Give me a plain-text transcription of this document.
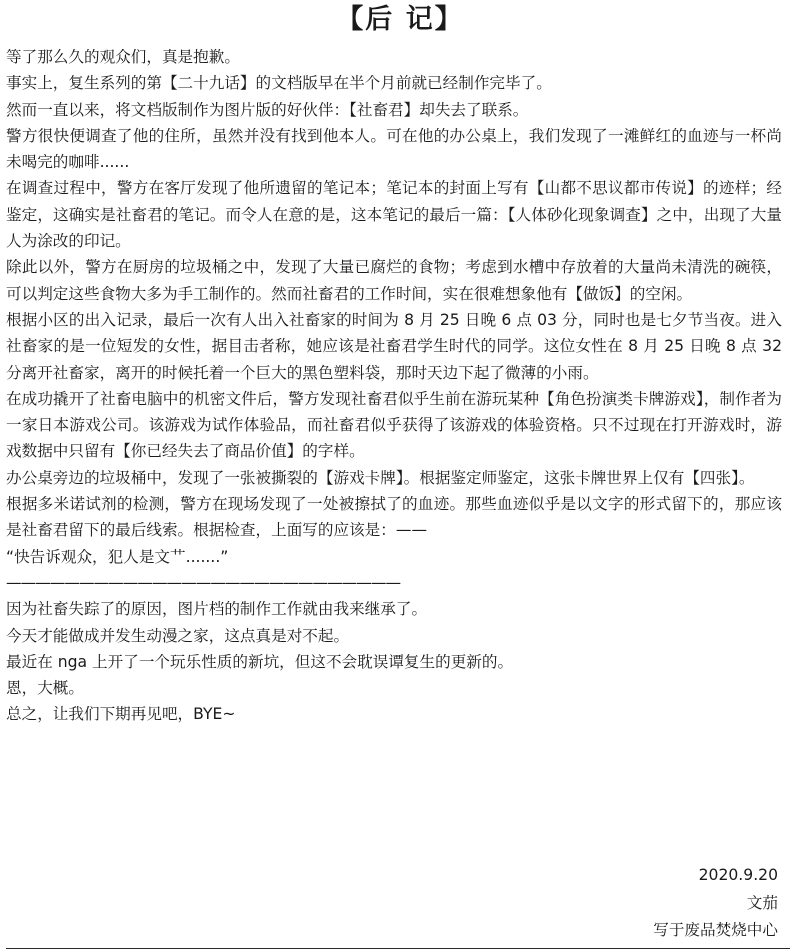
【后 记】

等了那么久的观众们，真是抱歉。

事实上，复生系列的第【二十九话】的文档版早在半个月前就已经制作完毕了。

然而一直以来，将文档版制作为图片版的好伙伴：【社畜君】却失去了联系。

警方很快便调查了他的住所，虽然并没有找到他本人。可在他的办公桌上，我们发现了一滩鲜红的血迹与一杯尚未喝完的咖啡......

在调查过程中，警方在客厅发现了他所遗留的笔记本；笔记本的封面上写有【山都不思议都市传说】的迹样；经鉴定，这确实是社畜君的笔记。而令人在意的是，这本笔记的最后一篇：【人体砂化现象调查】之中，出现了大量人为涂改的印记。

除此以外，警方在厨房的垃圾桶之中，发现了大量已腐烂的食物；考虑到水槽中存放着的大量尚未清洗的碗筷，可以判定这些食物大多为手工制作的。然而社畜君的工作时间，实在很难想象他有【做饭】的空闲。

根据小区的出入记录，最后一次有人出入社畜家的时间为 8 月 25 日晚 6 点 03 分，同时也是七夕节当夜。进入社畜家的是一位短发的女性，据目击者称，她应该是社畜君学生时代的同学。这位女性在 8 月 25 日晚 8 点 32 分离开社畜家，离开的时候托着一个巨大的黑色塑料袋，那时天边下起了微薄的小雨。

在成功撬开了社畜电脑中的机密文件后，警方发现社畜君似乎生前在游玩某种【角色扮演类卡牌游戏】，制作者为一家日本游戏公司。该游戏为试作体验品，而社畜君似乎获得了该游戏的体验资格。只不过现在打开游戏时，游戏数据中只留有【你已经失去了商品价值】的字样。

办公桌旁边的垃圾桶中，发现了一张被撕裂的【游戏卡牌】。根据鉴定师鉴定，这张卡牌世界上仅有【四张】。

根据多米诺试剂的检测，警方在现场发现了一处被擦拭了的血迹。那些血迹似乎是以文字的形式留下的，那应该是社畜君留下的最后线索。根据检查，上面写的应该是：——

“快告诉观众，犯人是文艹.......”

———————————————————————————

因为社畜失踪了的原因，图片档的制作工作就由我来继承了。

今天才能做成并发生动漫之家，这点真是对不起。

最近在 nga 上开了一个玩乐性质的新坑，但这不会耽误谭复生的更新的。

恩，大概。

总之，让我们下期再见吧，BYE~

2020.9.20
文茄
写于废品焚烧中心
